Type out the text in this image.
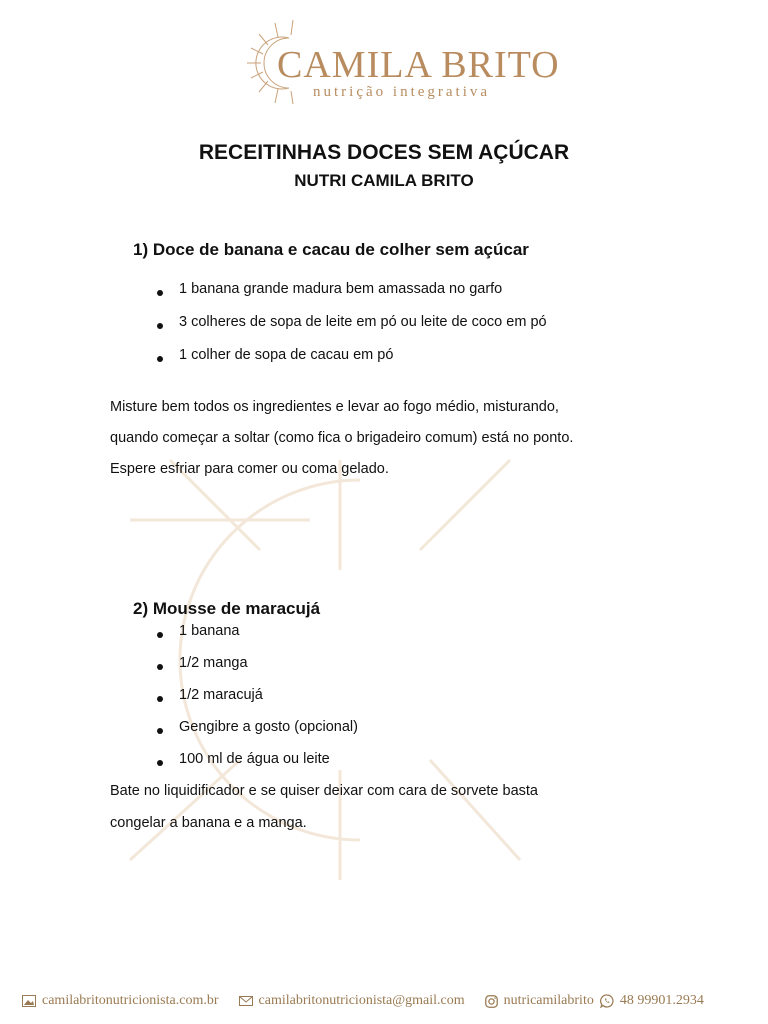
CAMILA BRITO
nutrição integrativa
RECEITINHAS DOCES SEM AÇÚCAR
NUTRI CAMILA BRITO
1) Doce de banana e cacau de colher sem açúcar
1 banana grande madura bem amassada no garfo
3 colheres de sopa de leite em pó ou leite de coco em pó
1 colher de sopa de cacau em pó

Misture bem todos os ingredientes e levar ao fogo médio, misturando,

quando começar a soltar (como fica o brigadeiro comum) está no ponto.

Espere esfriar para comer ou coma gelado.

2) Mousse de maracujá
1 banana
1/2 manga
1/2 maracujá
Gengibre a gosto (opcional)
100 ml de água ou leite

Bate no liquidificador e se quiser deixar com cara de sorvete basta

congelar a banana e a manga.

camilabritonutricionista.com.br	camilabritonutricionista@gmail.com	nutricamilabrito 48 99901.2934
